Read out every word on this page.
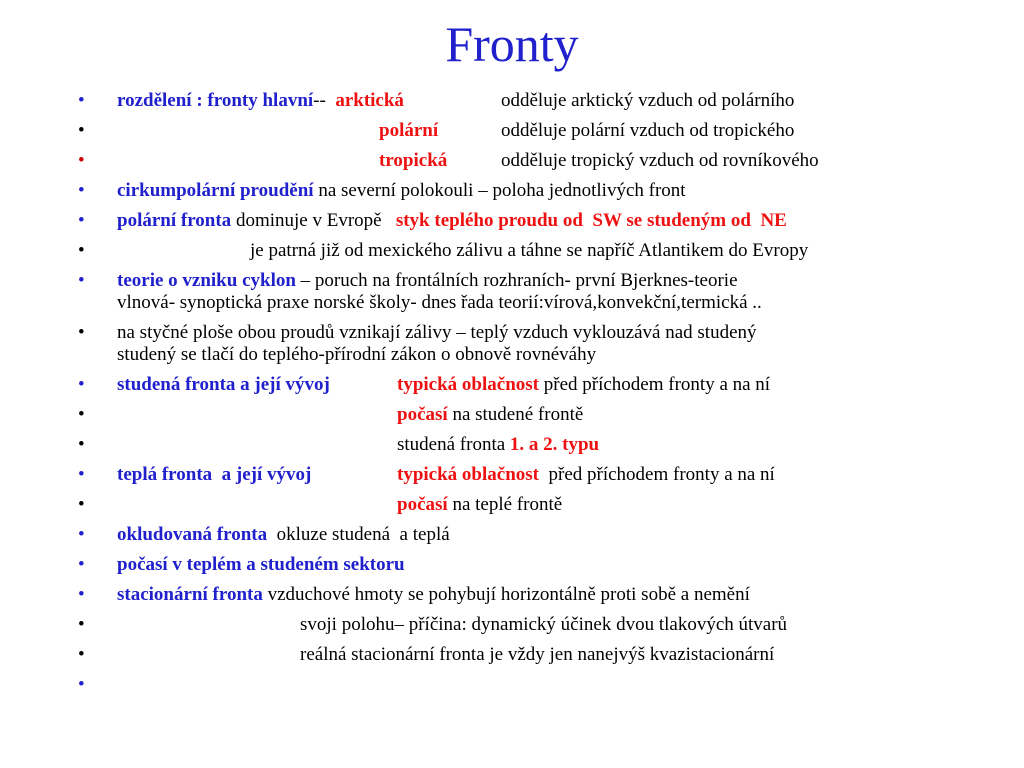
Fronty
• rozdělení : fronty hlavní--  arktická	odděluje arktický vzduch od polárního
•	polární	odděluje polární vzduch od tropického
•	tropická	odděluje tropický vzduch od rovníkového
• cirkumpolární proudění na severní polokouli – poloha jednotlivých front
• polární fronta dominuje v Evropě   styk teplého proudu od  SW se studeným od  NE
•	je patrná již od mexického zálivu a táhne se napříč Atlantikem do Evropy
• teorie o vzniku cyklon – poruch na frontálních rozhraních- první Bjerknes-teorie
vlnová- synoptická praxe norské školy- dnes řada teorií:vírová,konvekční,termická ..
• na styčné ploše obou proudů vznikají zálivy – teplý vzduch vyklouzává nad studený
studený se tlačí do teplého-přírodní zákon o obnově rovnéváhy
• studená fronta a její vývoj	typická oblačnost před příchodem fronty a na ní
•	počasí na studené frontě
•	studená fronta 1. a 2. typu
• teplá fronta  a její vývoj	typická oblačnost  před příchodem fronty a na ní
•	počasí na teplé frontě
• okludovaná fronta  okluze studená  a teplá
• počasí v teplém a studeném sektoru
• stacionární fronta vzduchové hmoty se pohybují horizontálně proti sobě a nemění
•	svoji polohu– příčina: dynamický účinek dvou tlakových útvarů
•	reálná stacionární fronta je vždy jen nanejvýš kvazistacionární
•
